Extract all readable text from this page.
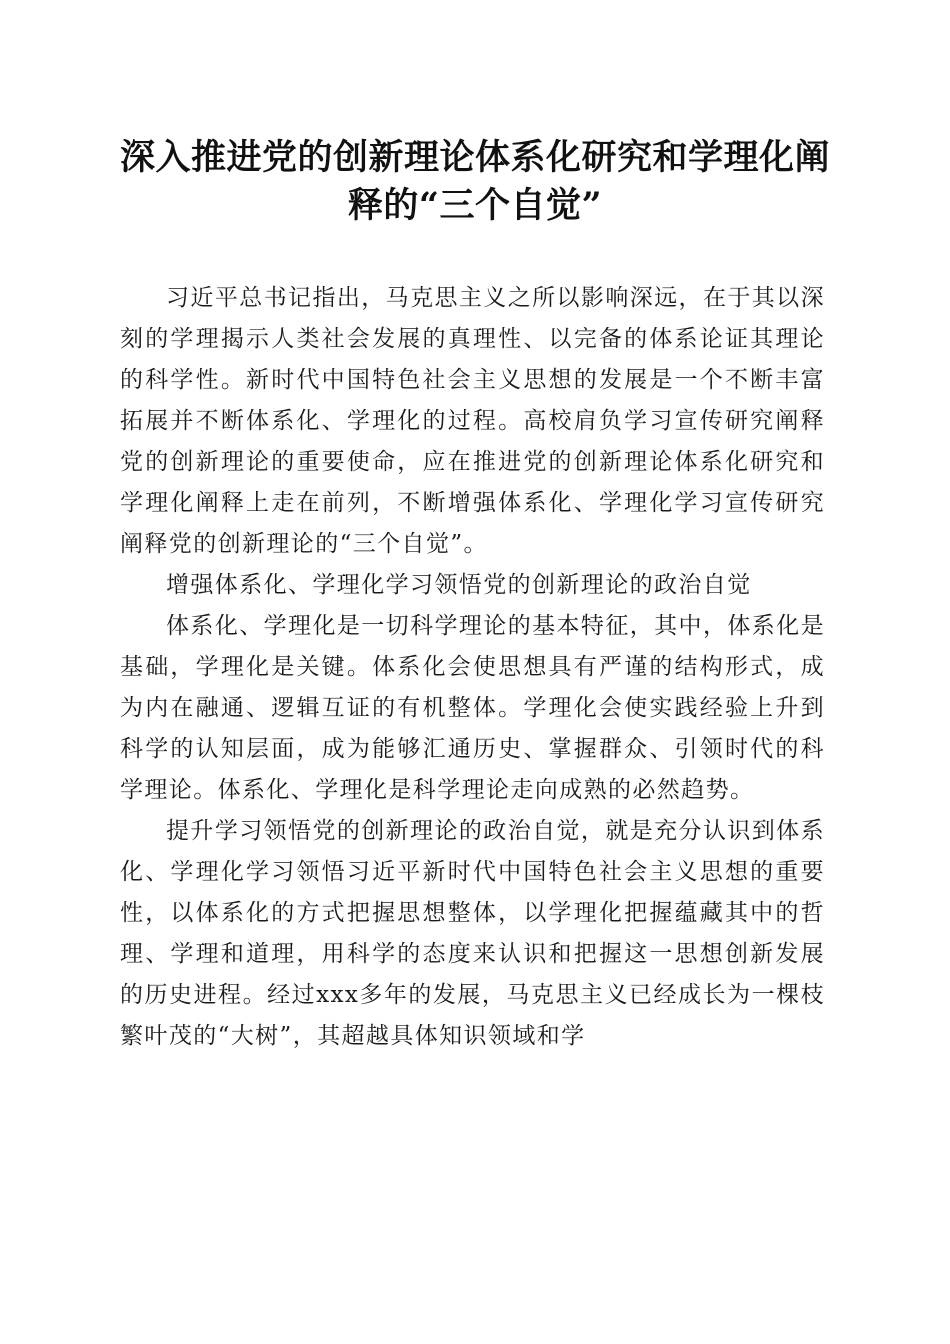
深入推进党的创新理论体系化研究和学理化阐
释的“三个自觉”

习近平总书记指出，马克思主义之所以影响深远，在于其以深刻的学理揭示人类社会发展的真理性、以完备的体系论证其理论的科学性。新时代中国特色社会主义思想的发展是一个不断丰富拓展并不断体系化、学理化的过程。高校肩负学习宣传研究阐释党的创新理论的重要使命，应在推进党的创新理论体系化研究和学理化阐释上走在前列，不断增强体系化、学理化学习宣传研究阐释党的创新理论的“三个自觉”。

增强体系化、学理化学习领悟党的创新理论的政治自觉

体系化、学理化是一切科学理论的基本特征，其中，体系化是基础，学理化是关键。体系化会使思想具有严谨的结构形式，成为内在融通、逻辑互证的有机整体。学理化会使实践经验上升到科学的认知层面，成为能够汇通历史、掌握群众、引领时代的科学理论。体系化、学理化是科学理论走向成熟的必然趋势。

提升学习领悟党的创新理论的政治自觉，就是充分认识到体系化、学理化学习领悟习近平新时代中国特色社会主义思想的重要性，以体系化的方式把握思想整体，以学理化把握蕴藏其中的哲理、学理和道理，用科学的态度来认识和把握这一思想创新发展的历史进程。经过xxx多年的发展，马克思主义已经成长为一棵枝繁叶茂的“大树”，其超越具体知识领域和学
